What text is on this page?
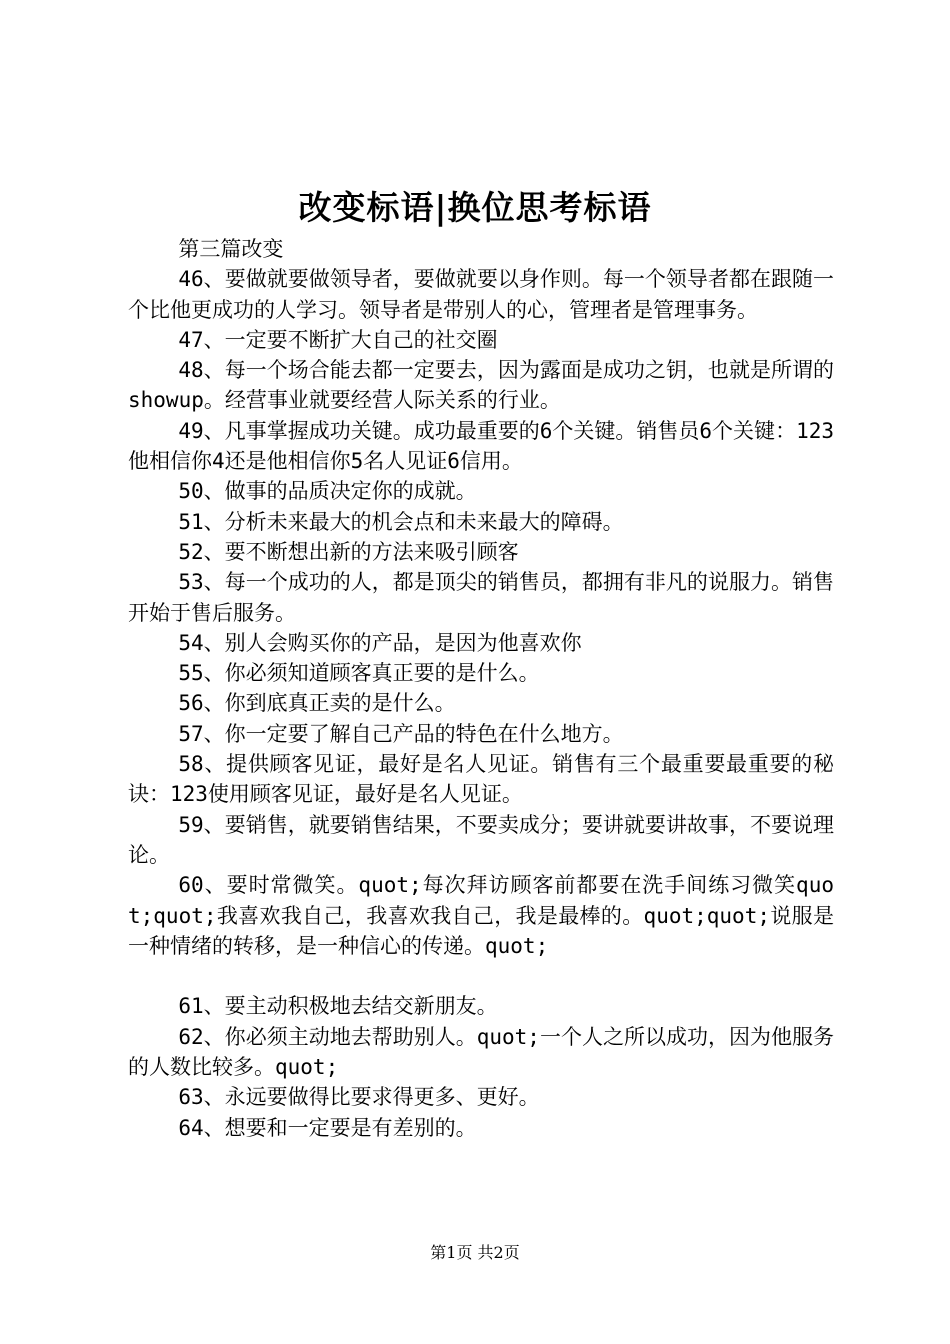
改变标语|换位思考标语

第三篇改变

46、要做就要做领导者，要做就要以身作则。每一个领导者都在跟随一个比他更成功的人学习。领导者是带别人的心，管理者是管理事务。

47、一定要不断扩大自己的社交圈

48、每一个场合能去都一定要去，因为露面是成功之钥，也就是所谓的showup。经营事业就要经营人际关系的行业。

49、凡事掌握成功关键。成功最重要的6个关键。销售员6个关键：123他相信你4还是他相信你5名人见证6信用。

50、做事的品质决定你的成就。

51、分析未来最大的机会点和未来最大的障碍。

52、要不断想出新的方法来吸引顾客

53、每一个成功的人，都是顶尖的销售员，都拥有非凡的说服力。销售开始于售后服务。

54、别人会购买你的产品，是因为他喜欢你

55、你必须知道顾客真正要的是什么。

56、你到底真正卖的是什么。

57、你一定要了解自己产品的特色在什么地方。

58、提供顾客见证，最好是名人见证。销售有三个最重要最重要的秘诀：123使用顾客见证，最好是名人见证。

59、要销售，就要销售结果，不要卖成分；要讲就要讲故事，不要说理论。

60、要时常微笑。quot;每次拜访顾客前都要在洗手间练习微笑quot;quot;我喜欢我自己，我喜欢我自己，我是最棒的。quot;quot;说服是一种情绪的转移，是一种信心的传递。quot;

61、要主动积极地去结交新朋友。

62、你必须主动地去帮助别人。quot;一个人之所以成功，因为他服务的人数比较多。quot;

63、永远要做得比要求得更多、更好。

64、想要和一定要是有差别的。

第1页 共2页
